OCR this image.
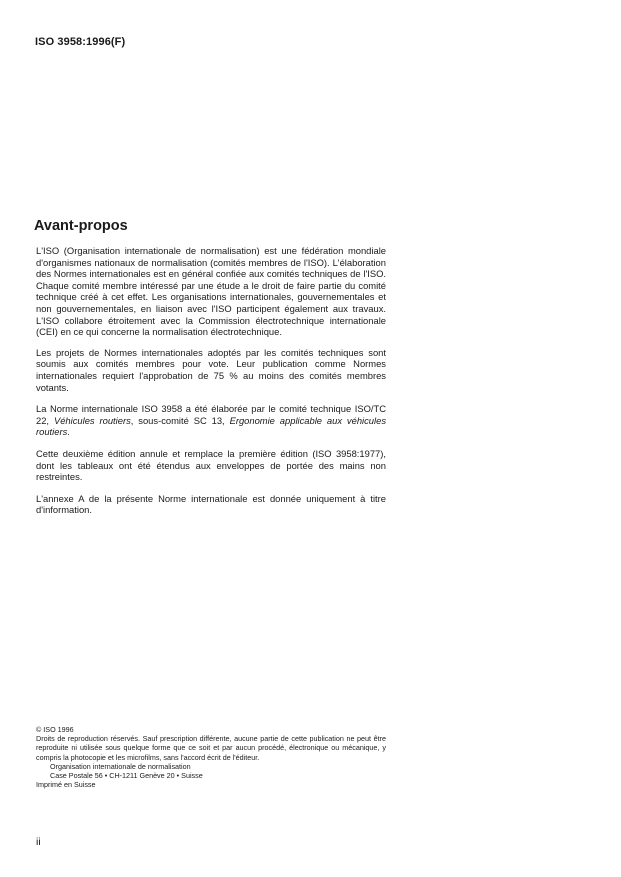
ISO 3958:1996(F)
Avant-propos

L'ISO (Organisation internationale de normalisation) est une fédération mondiale d'organismes nationaux de normalisation (comités membres de l'ISO). L'élaboration des Normes internationales est en général confiée aux comités techniques de l'ISO. Chaque comité membre intéressé par une étude a le droit de faire partie du comité technique créé à cet effet. Les organisations internationales, gouvernementales et non gouvernementales, en liaison avec l'ISO participent également aux travaux. L'ISO collabore étroitement avec la Commission électrotechnique internationale (CEI) en ce qui concerne la normalisation électrotechnique.

Les projets de Normes internationales adoptés par les comités techniques sont soumis aux comités membres pour vote. Leur publication comme Normes internationales requiert l'approbation de 75 % au moins des comités membres votants.

La Norme internationale ISO 3958 a été élaborée par le comité technique ISO/TC 22, Véhicules routiers, sous-comité SC 13, Ergonomie applicable aux véhicules routiers.

Cette deuxième édition annule et remplace la première édition (ISO 3958:1977), dont les tableaux ont été étendus aux enveloppes de portée des mains non restreintes.

L'annexe A de la présente Norme internationale est donnée uniquement à titre d'information.

© ISO 1996
Droits de reproduction réservés. Sauf prescription différente, aucune partie de cette publication ne peut être reproduite ni utilisée sous quelque forme que ce soit et par aucun procédé, électronique ou mécanique, y compris la photocopie et les microfilms, sans l'accord écrit de l'éditeur.
Organisation internationale de normalisation
Case Postale 56 • CH-1211 Genève 20 • Suisse
Imprimé en Suisse
ii
